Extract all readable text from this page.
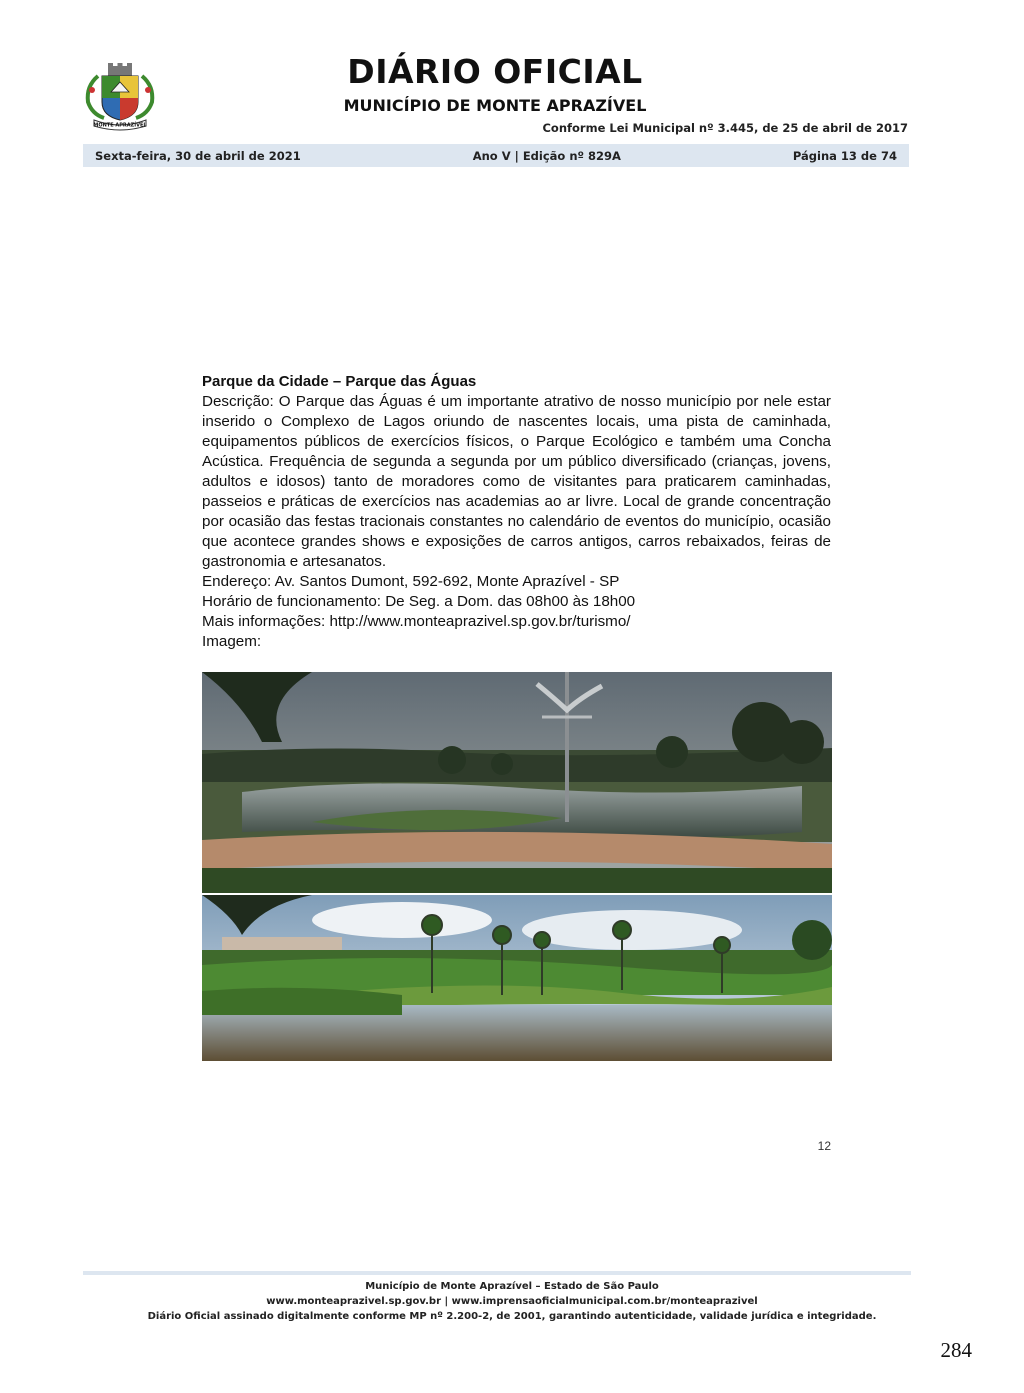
MONTE APRAZÍVEL
DIÁRIO OFICIAL
MUNICÍPIO DE MONTE APRAZÍVEL
Conforme Lei Municipal nº 3.445, de 25 de abril de 2017
Sexta-feira, 30 de abril de 2021	Ano V | Edição nº 829A	Página 13 de 74
Parque da Cidade – Parque das Águas

Descrição: O Parque das Águas é um importante atrativo de nosso município por nele estar inserido o Complexo de Lagos oriundo de nascentes locais, uma pista de caminhada, equipamentos públicos de exercícios físicos, o Parque Ecológico e também uma Concha Acústica. Frequência de segunda a segunda por um público diversificado (crianças, jovens, adultos e idosos) tanto de moradores como de visitantes para praticarem caminhadas, passeios e práticas de exercícios nas academias ao ar livre. Local de grande concentração por ocasião das festas tracionais constantes no calendário de eventos do município, ocasião que acontece grandes shows e exposições de carros antigos, carros rebaixados, feiras de gastronomia e artesanatos.

Endereço: Av. Santos Dumont, 592-692, Monte Aprazível - SP
Horário de funcionamento: De Seg. a Dom. das 08h00 às 18h00
Mais informações: http://www.monteaprazivel.sp.gov.br/turismo/
Imagem:
12
Município de Monte Aprazível – Estado de São Paulo
www.monteaprazivel.sp.gov.br | www.imprensaoficialmunicipal.com.br/monteaprazivel
Diário Oficial assinado digitalmente conforme MP nº 2.200-2, de 2001, garantindo autenticidade, validade jurídica e integridade.
284
